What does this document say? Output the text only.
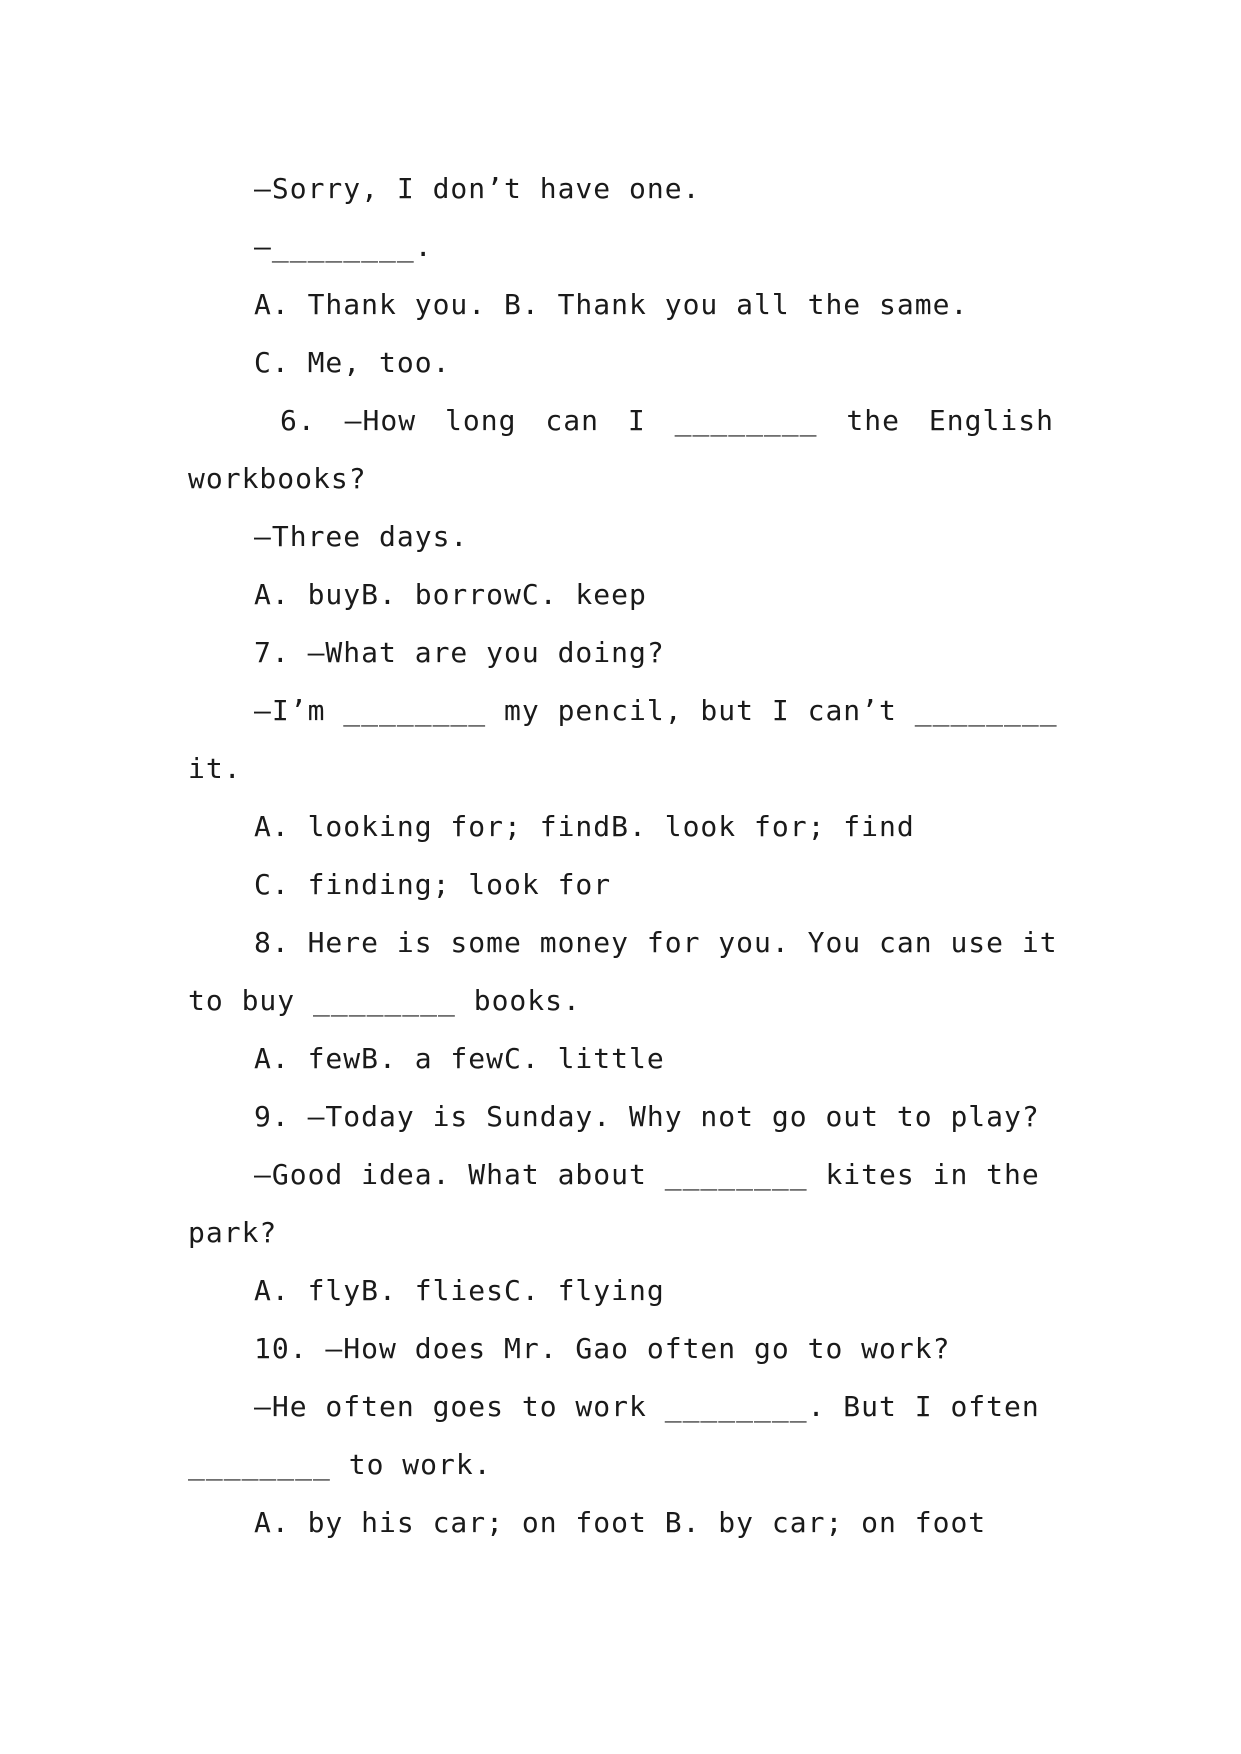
—Sorry, I don’t have one.
—________.
A. Thank you. B. Thank you all the same.
C. Me, too.
6. —How long can I ________ the English
workbooks?
—Three days.
A. buyB. borrowC. keep
7. —What are you doing?
—I’m ________ my pencil, but I can’t ________
it.
A. looking for; findB. look for; find
C. finding; look for
8. Here is some money for you. You can use it
to buy ________ books.
A. fewB. a fewC. little
9. —Today is Sunday. Why not go out to play?
—Good idea. What about ________ kites in the
park?
A. flyB. fliesC. flying
10. —How does Mr. Gao often go to work?
—He often goes to work ________. But I often
________ to work.
A. by his car; on foot B. by car; on foot
